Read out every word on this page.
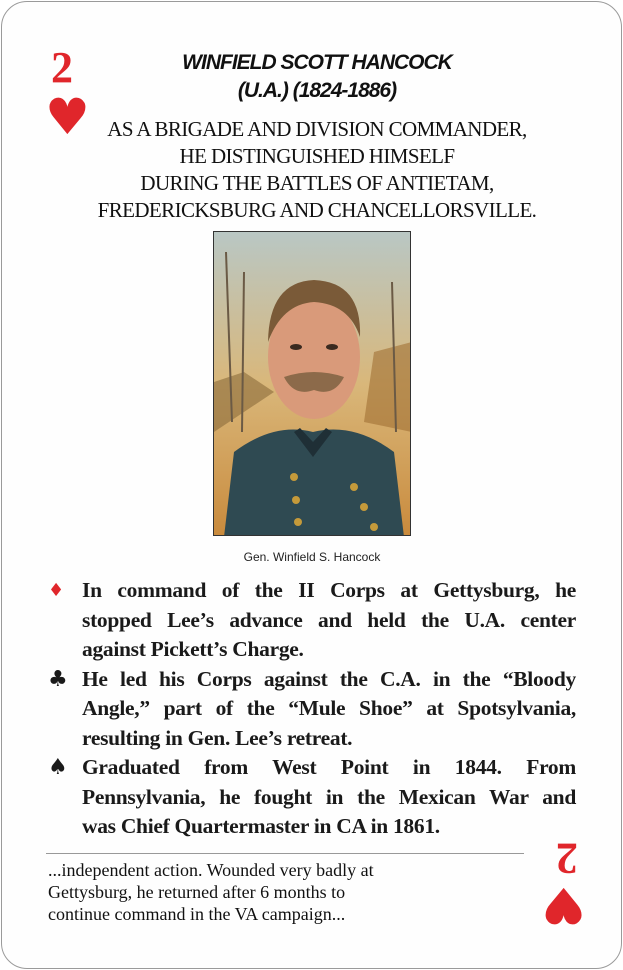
2
♥
WINFIELD SCOTT HANCOCK
(U.A.) (1824-1886)
AS A BRIGADE AND DIVISION COMMANDER,
HE DISTINGUISHED HIMSELF
DURING THE BATTLES OF ANTIETAM,
FREDERICKSBURG AND CHANCELLORSVILLE.
Gen. Winfield S. Hancock
♦ In command of the II Corps at Gettysburg, he
stopped Lee’s advance and held the U.A. center
against Pickett’s Charge.
♣ He led his Corps against the C.A. in the “Bloody
Angle,” part of the “Mule Shoe” at Spotsylvania,
resulting in Gen. Lee’s retreat.
♠ Graduated from West Point in 1844. From
Pennsylvania, he fought in the Mexican War and
was Chief Quartermaster in CA in 1861.
...independent action. Wounded very badly at
Gettysburg, he returned after 6 months to
continue command in the VA campaign...
2
♥
